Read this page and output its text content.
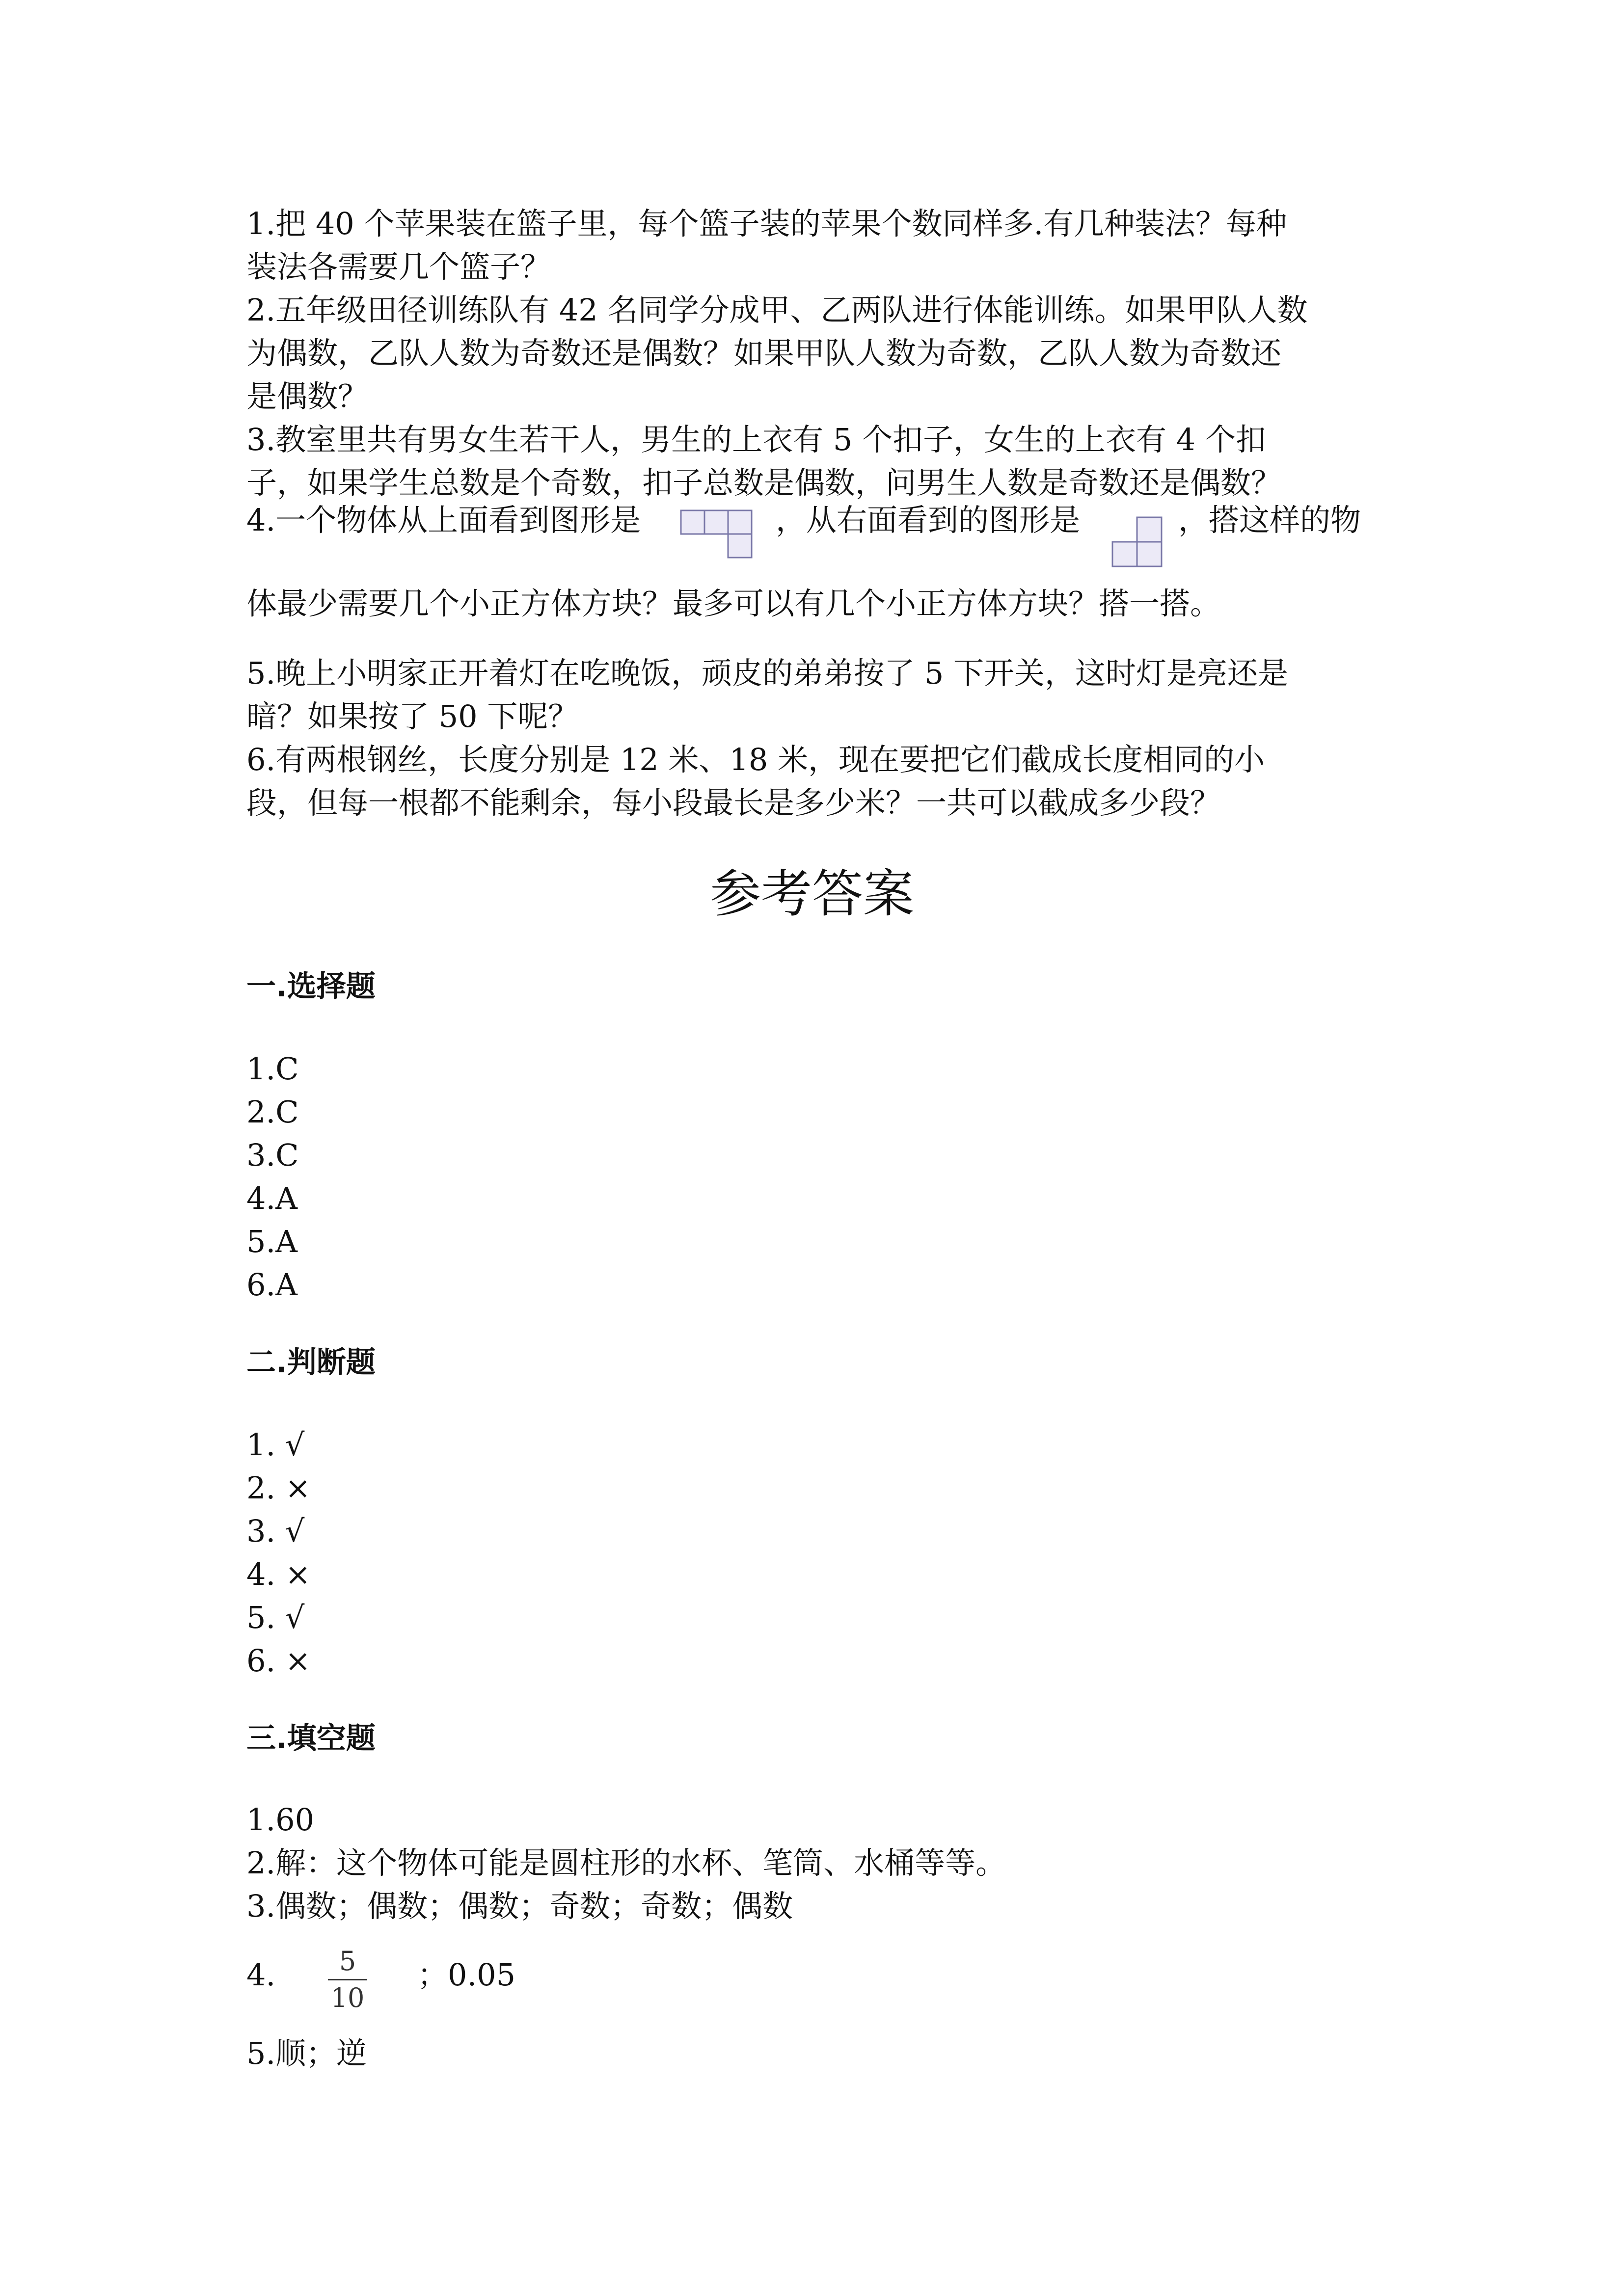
1.把 40 个苹果装在篮子里，每个篮子装的苹果个数同样多.有几种装法？每种
装法各需要几个篮子？
2.五年级田径训练队有 42 名同学分成甲、乙两队进行体能训练。如果甲队人数
为偶数，乙队人数为奇数还是偶数？如果甲队人数为奇数，乙队人数为奇数还
是偶数？
3.教室里共有男女生若干人，男生的上衣有 5 个扣子，女生的上衣有 4 个扣
子，如果学生总数是个奇数，扣子总数是偶数，问男生人数是奇数还是偶数？
4.一个物体从上面看到图形是	，从右面看到的图形是	，搭这样的物
体最少需要几个小正方体方块？最多可以有几个小正方体方块？搭一搭。
5.晚上小明家正开着灯在吃晚饭，顽皮的弟弟按了 5 下开关，这时灯是亮还是
暗？如果按了 50 下呢？
6.有两根钢丝，长度分别是 12 米、18 米，现在要把它们截成长度相同的小
段，但每一根都不能剩余，每小段最长是多少米？一共可以截成多少段？
参考答案
一.选择题
1.C
2.C
3.C
4.A
5.A
6.A
二.判断题
1. √
2. ×
3. √
4. ×
5. √
6. ×
三.填空题
1.60
2.解：这个物体可能是圆柱形的水杯、笔筒、水桶等等。
3.偶数；偶数；偶数；奇数；奇数；偶数
4.	5
10
；0.05
5.顺；逆
